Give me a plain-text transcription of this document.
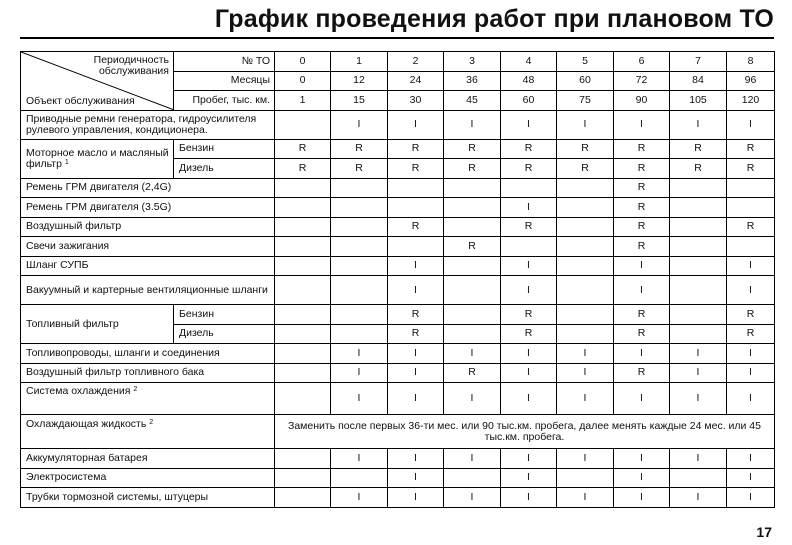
График проведения работ при плановом ТО
Периодичность обслуживания
Объект обслуживания	№ ТО	0	1	2	3	4	5	6	7	8
	Месяцы	0	12	24	36	48	60	72	84	96
	Пробег, тыс. км.	1	15	30	45	60	75	90	105	120
Приводные ремни генератора, гидроусилителя рулевого управления, кондиционера.			I	I	I	I	I	I	I	I
Моторное масло и масляный фильтр $^1$	Бензин	R	R	R	R	R	R	R	R	R
	Дизель	R	R	R	R	R	R	R	R	R
Ремень ГРМ двигателя (2,4G)								R		
Ремень ГРМ двигателя (3.5G)						I		R		
Воздушный фильтр				R		R		R		R
Свечи зажигания					R			R		
Шланг СУПБ				I		I		I		I
Вакуумный и картерные вентиляционные шланги				I		I		I		I
Топливный фильтр	Бензин			R		R		R		R
	Дизель			R		R		R		R
Топливопроводы, шланги и соединения			I	I	I	I	I	I	I	I
Воздушный фильтр топливного бака			I	I	R	I	I	R	I	I
Система охлаждения $^2$			I	I	I	I	I	I	I	I
Охлаждающая жидкость $^2$		Заменить после первых 36-ти мес. или 90 тыс.км. пробега, далее менять каждые 24 мес. или 45 тыс.км. пробега.								
Аккумуляторная батарея			I	I	I	I	I	I	I	I
Электросистема				I		I		I		I
Трубки тормозной системы, штуцеры			I	I	I	I	I	I	I	I
17
